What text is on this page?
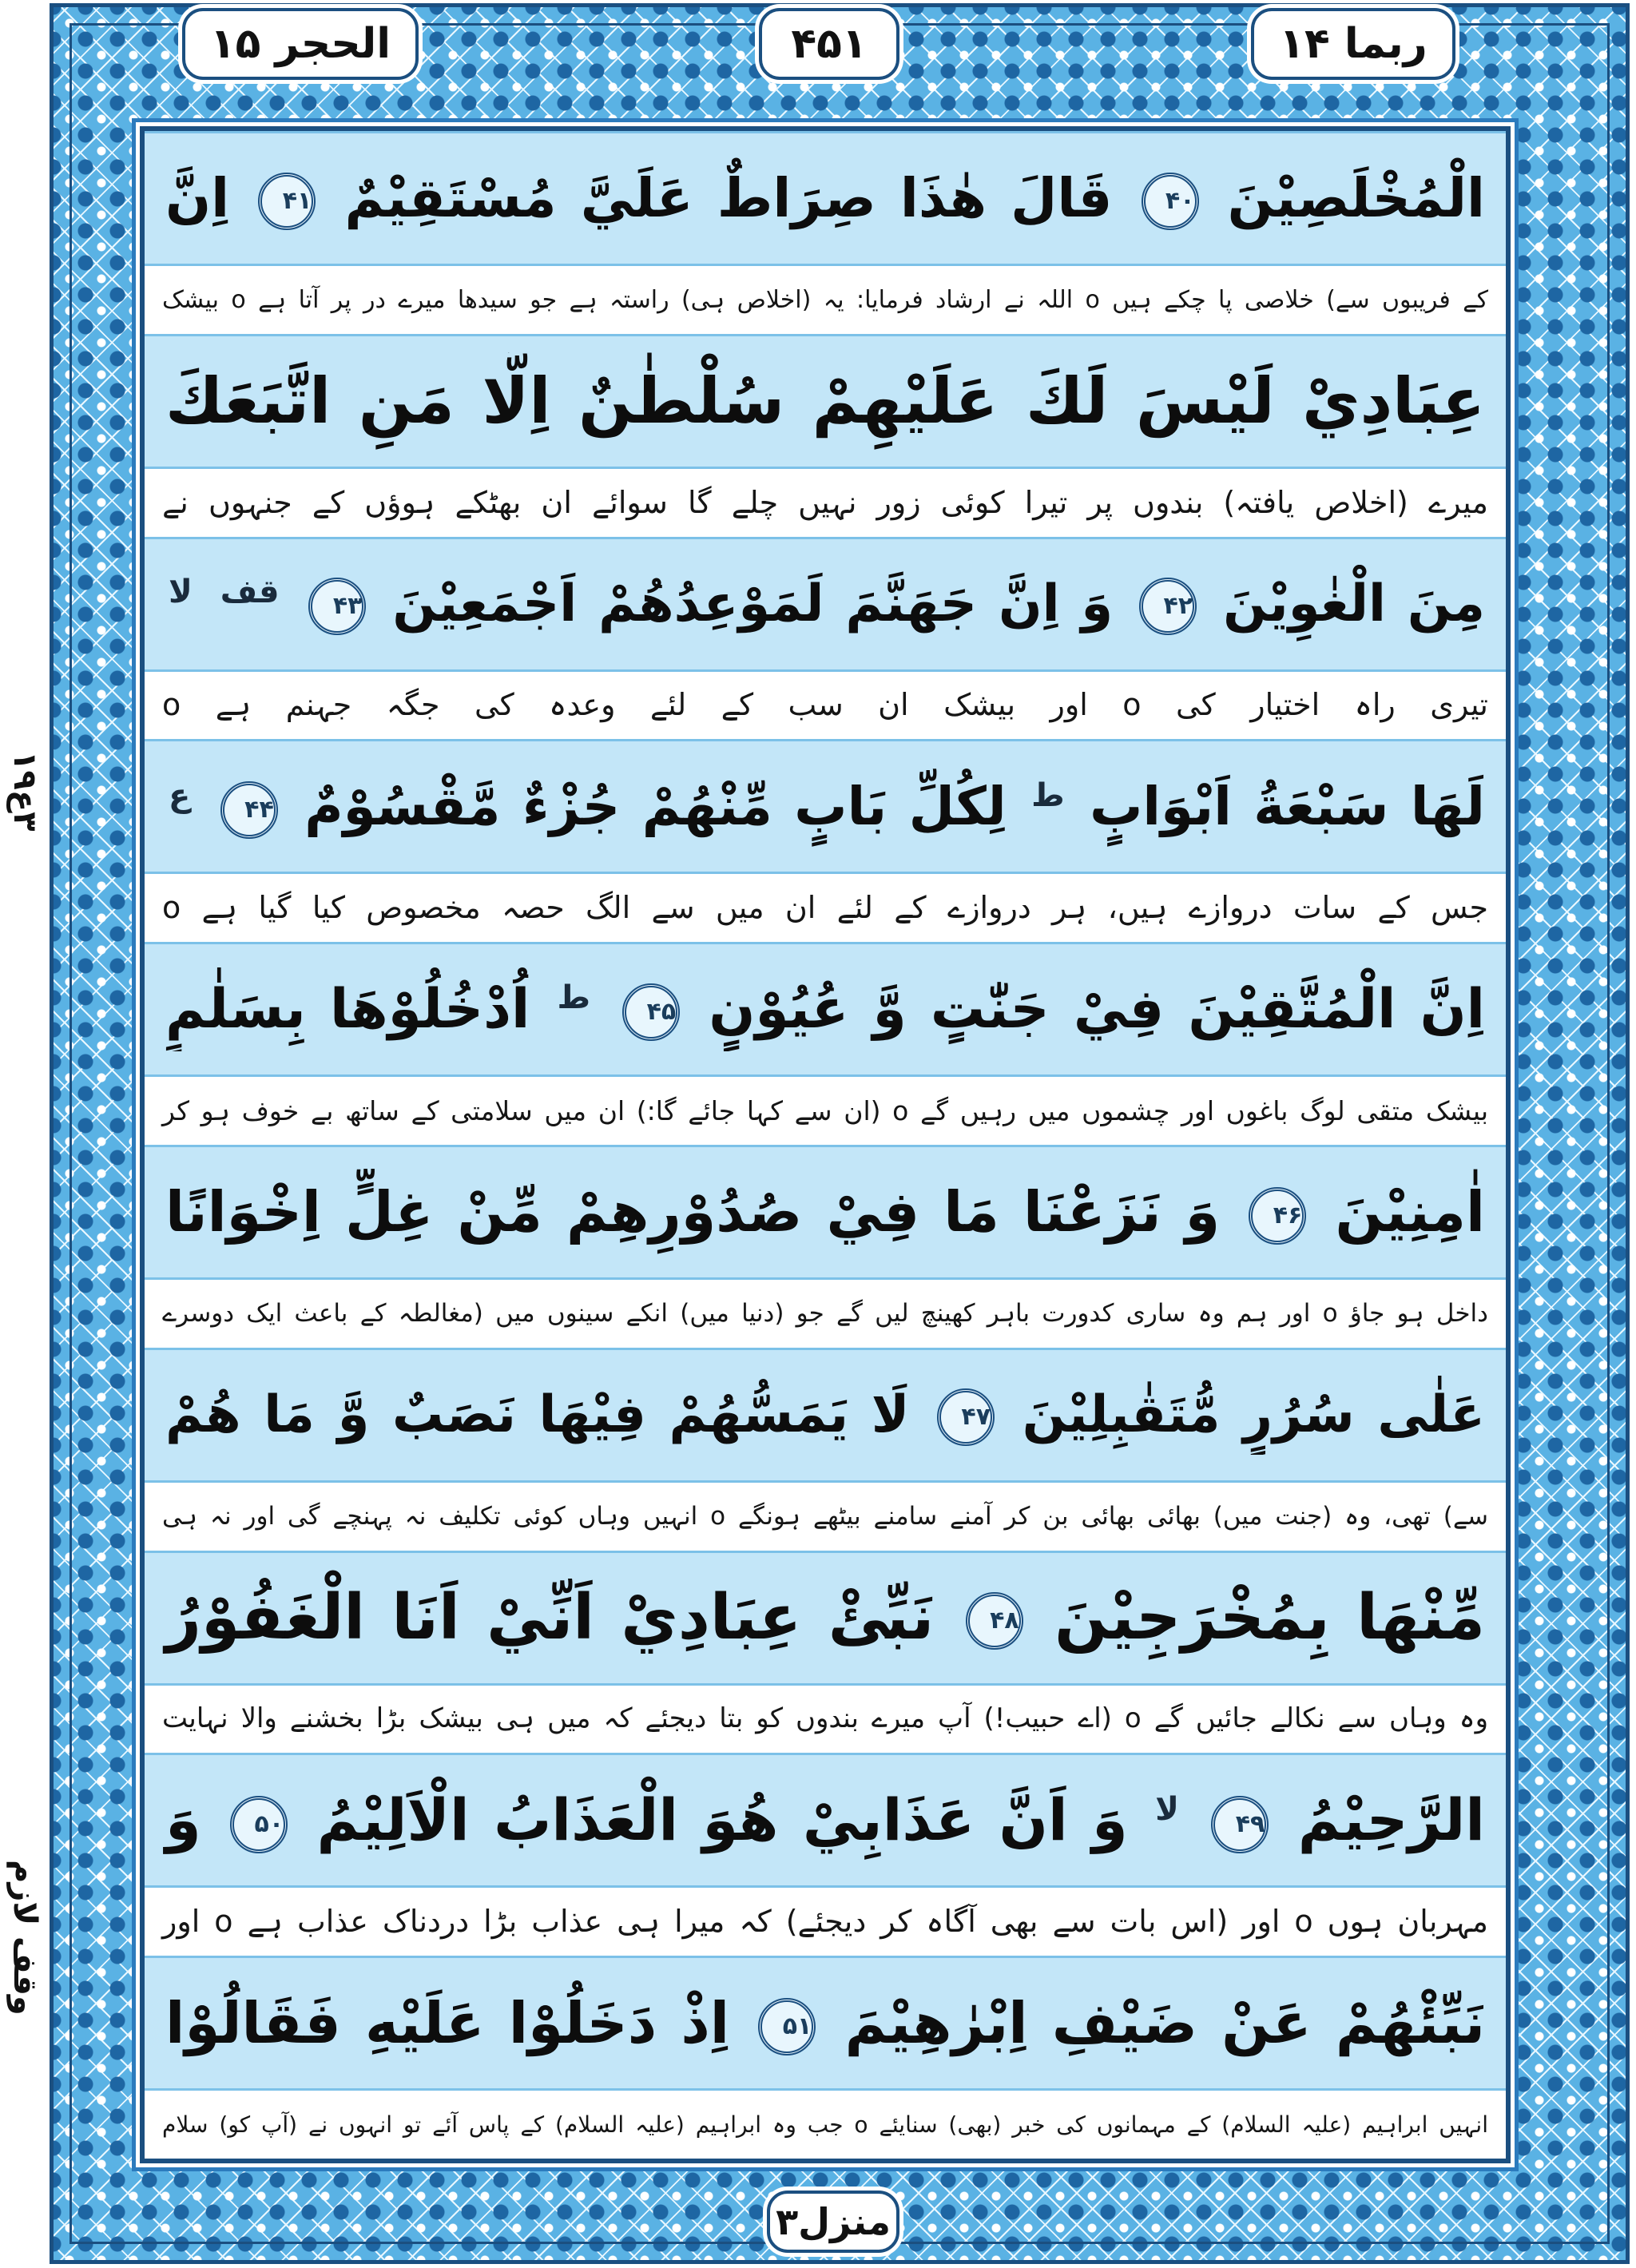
۳ع۱۹
وقف لازم
الحجر ۱۵	۴۵۱	ربما ۱۴
الْمُخْلَصِيْنَ ۴۰ قَالَ هٰذَا صِرَاطٌ عَلَيَّ مُسْتَقِيْمٌ ۴۱ اِنَّ
کے فریبوں سے) خلاصی پا چکے ہیں o اللہ نے ارشاد فرمایا: یہ (اخلاص ہی) راستہ ہے جو سیدھا میرے در پر آتا ہے o بیشک
عِبَادِيْ لَيْسَ لَكَ عَلَيْهِمْ سُلْطٰنٌ اِلَّا مَنِ اتَّبَعَكَ
میرے (اخلاص یافتہ) بندوں پر تیرا کوئی زور نہیں چلے گا سوائے ان بھٹکے ہوؤں کے جنہوں نے
مِنَ الْغٰوِيْنَ ۴۲ وَ اِنَّ جَهَنَّمَ لَمَوْعِدُهُمْ اَجْمَعِيْنَ ۴۳ $^{قف}$ $^{لا}$
تیری راہ اختیار کی o اور بیشک ان سب کے لئے وعدہ کی جگہ جہنم ہے o
لَهَا سَبْعَةُ اَبْوَابٍ $^ط$ لِكُلِّ بَابٍ مِّنْهُمْ جُزْءٌ مَّقْسُوْمٌ ۴۴ $^ع$
جس کے سات دروازے ہیں، ہر دروازے کے لئے ان میں سے الگ حصہ مخصوص کیا گیا ہے o
اِنَّ الْمُتَّقِيْنَ فِيْ جَنّٰتٍ وَّ عُيُوْنٍ ۴۵ $^ط$ اُدْخُلُوْهَا بِسَلٰمٍ
بیشک متقی لوگ باغوں اور چشموں میں رہیں گے o (ان سے کہا جائے گا:) ان میں سلامتی کے ساتھ بے خوف ہو کر
اٰمِنِيْنَ ۴۶ وَ نَزَعْنَا مَا فِيْ صُدُوْرِهِمْ مِّنْ غِلٍّ اِخْوَانًا
داخل ہو جاؤ o اور ہم وہ ساری کدورت باہر کھینچ لیں گے جو (دنیا میں) انکے سینوں میں (مغالطہ کے باعث ایک دوسرے
عَلٰى سُرُرٍ مُّتَقٰبِلِيْنَ ۴۷ لَا يَمَسُّهُمْ فِيْهَا نَصَبٌ وَّ مَا هُمْ
سے) تھی، وہ (جنت میں) بھائی بھائی بن کر آمنے سامنے بیٹھے ہونگے o انہیں وہاں کوئی تکلیف نہ پہنچے گی اور نہ ہی
مِّنْهَا بِمُخْرَجِيْنَ ۴۸ نَبِّئْ عِبَادِيْ اَنِّيْ اَنَا الْغَفُوْرُ
وہ وہاں سے نکالے جائیں گے o (اے حبیب!) آپ میرے بندوں کو بتا دیجئے کہ میں ہی بیشک بڑا بخشنے والا نہایت
الرَّحِيْمُ ۴۹ $^{لا}$ وَ اَنَّ عَذَابِيْ هُوَ الْعَذَابُ الْاَلِيْمُ ۵۰ وَ
مہربان ہوں o اور (اس بات سے بھی آگاہ کر دیجئے) کہ میرا ہی عذاب بڑا دردناک عذاب ہے o اور
نَبِّئْهُمْ عَنْ ضَيْفِ اِبْرٰهِيْمَ ۵۱ اِذْ دَخَلُوْا عَلَيْهِ فَقَالُوْا
انہیں ابراہیم (علیہ السلام) کے مہمانوں کی خبر (بھی) سنایئے o جب وہ ابراہیم (علیہ السلام) کے پاس آئے تو انہوں نے (آپ کو) سلام
منزل۳
